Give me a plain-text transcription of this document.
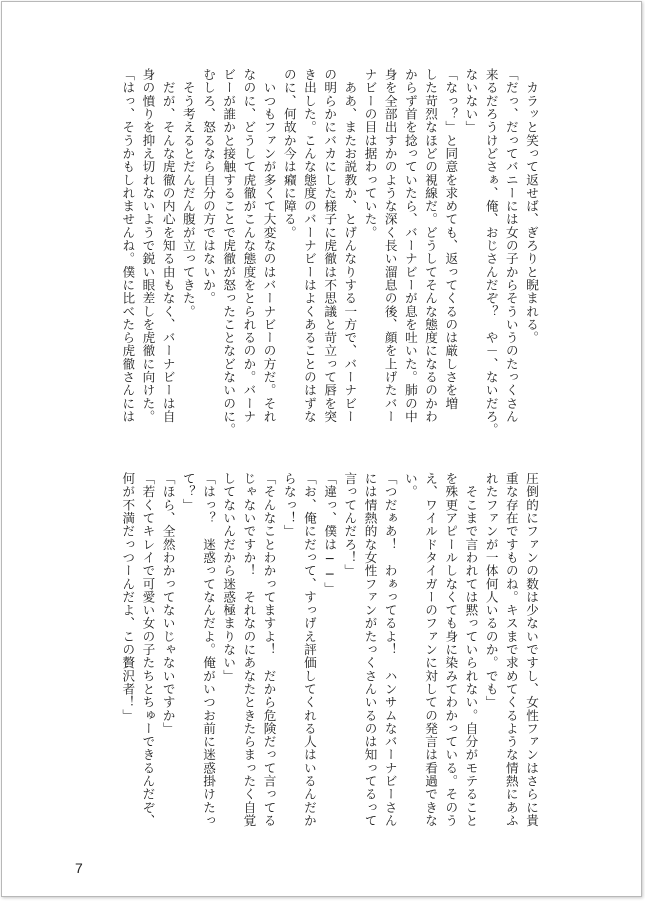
　カラッと笑って返せば、ぎろりと睨まれる。
「だっ、だってバニーには女の子からそういうのたっくさん
来るだろうけどさぁ、俺、おじさんだぞ？　や－、ないだろ。
ないない」
「なっ？」と同意を求めても、返ってくるのは厳しさを増
した苛烈なほどの視線だ。どうしてそんな態度になるのかわ
からず首を捻っていたら、バーナビーが息を吐いた。肺の中
身を全部出すかのような深く長い溜息の後、顔を上げたバー
ナビーの目は据わっていた。
　ああ、またお説教か、とげんなりする一方で、バーナビー
の明らかにバカにした様子に虎徹は不思議と苛立って唇を突
き出した。こんな態度のバーナビーはよくあることのはずな
のに、何故か今は癪に障る。
　いつもファンが多くて大変なのはバーナビーの方だ。それ
なのに、どうして虎徹がこんな態度をとられるのか。バーナ
ビーが誰かと接触することで虎徹が怒ったことなどないのに。
むしろ、怒るなら自分の方ではないか。
　そう考えるとだんだん腹が立ってきた。
　だが、そんな虎徹の内心を知る由もなく、バーナビーは自
身の憤りを抑え切れないようで鋭い眼差しを虎徹に向けた。
「はっ、そうかもしれませんね。僕に比べたら虎徹さんには
圧倒的にファンの数は少ないですし、女性ファンはさらに貴
重な存在ですものね。キスまで求めてくるような情熱にあふ
れたファンが一体何人いるのか。でも」
　そこまで言われては黙っていられない。自分がモテること
を殊更アピールしなくても身に染みてわかっている。そのう
え、ワイルドタイガーのファンに対しての発言は看過できな
い。
「つだぁあ！　わぁってるよ！　ハンサムなバーナビーさん
には情熱的な女性ファンがたっくさんいるのは知ってるって
言ってんだろ！」
「違っ、僕は──」
「お、俺にだって、すっげえ評価してくれる人はいるんだか
らなっ！」
「そんなことわかってますよ！　だから危険だって言ってる
じゃないですか！　それなのにあなたときたらまったく自覚
してないんだから迷惑極まりない」
「はっ？　迷惑ってなんだよ。俺がいつお前に迷惑掛けたっ
て？」
「ほら、全然わかってないじゃないですか」
「若くてキレイで可愛い女の子たちとちゅーできるんだぞ、
何が不満だっつーんだよ、この贅沢者！」
7
